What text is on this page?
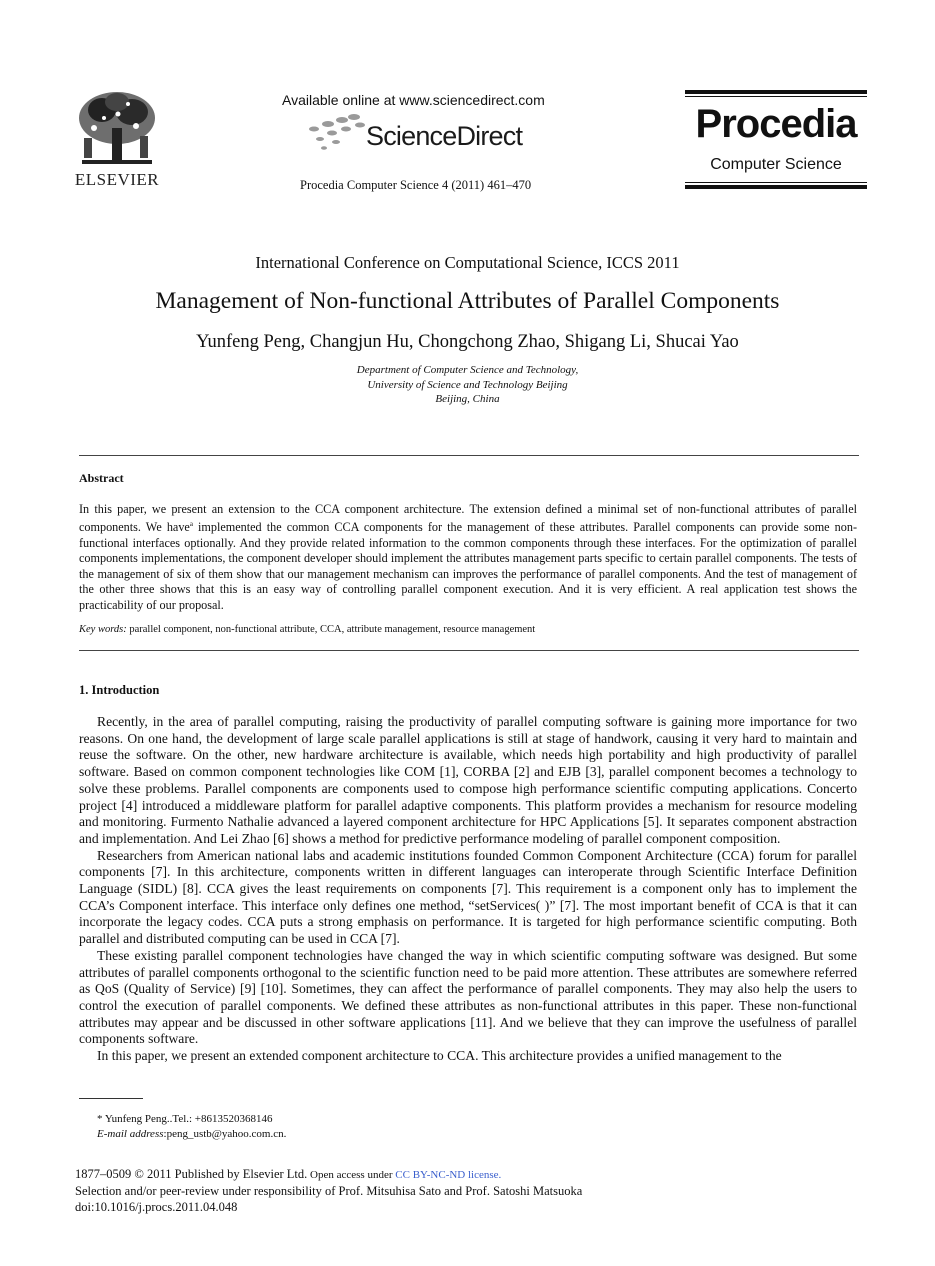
ELSEVIER
Available online at www.sciencedirect.com
ScienceDirect
Procedia Computer Science 4 (2011) 461–470
Procedia
Computer Science
International Conference on Computational Science, ICCS 2011
Management of Non-functional Attributes of Parallel Components
Yunfeng Peng, Changjun Hu, Chongchong Zhao, Shigang Li, Shucai Yao
Department of Computer Science and Technology,
University of Science and Technology Beijing
Beijing, China
Abstract
In this paper, we present an extension to the CCA component architecture. The extension defined a minimal set of non-functional attributes of parallel components. We have$^a$ implemented the common CCA components for the management of these attributes. Parallel components can provide some non-functional interfaces optionally. And they provide related information to the common components through these interfaces. For the optimization of parallel components implementations, the component developer should implement the attributes management parts specific to certain parallel components. The tests of the management of six of them show that our management mechanism can improves the performance of parallel components. And the test of management of the other three shows that this is an easy way of controlling parallel component execution. And it is very efficient. A real application test shows the practicability of our proposal.
Key words: parallel component, non-functional attribute, CCA, attribute management, resource management
1. Introduction

Recently, in the area of parallel computing, raising the productivity of parallel computing software is gaining more importance for two reasons. On one hand, the development of large scale parallel applications is still at stage of handwork, causing it very hard to maintain and reuse the software. On the other, new hardware architecture is available, which needs high portability and high productivity of parallel software. Based on common component technologies like COM [1], CORBA [2] and EJB [3], parallel component becomes a technology to solve these problems. Parallel components are components used to compose high performance scientific computing applications. Concerto project [4] introduced a middleware platform for parallel adaptive components. This platform provides a mechanism for resource modeling and monitoring. Furmento Nathalie advanced a layered component architecture for HPC Applications [5]. It separates component abstraction and implementation. And Lei Zhao [6] shows a method for predictive performance modeling of parallel component composition.

Researchers from American national labs and academic institutions founded Common Component Architecture (CCA) forum for parallel components [7]. In this architecture, components written in different languages can interoperate through Scientific Interface Definition Language (SIDL) [8]. CCA gives the least requirements on components [7]. This requirement is a component only has to implement the CCA’s Component interface. This interface only defines one method, “setServices( )” [7]. The most important benefit of CCA is that it can incorporate the legacy codes. CCA puts a strong emphasis on performance. It is targeted for high performance scientific computing. Both parallel and distributed computing can be used in CCA [7].

These existing parallel component technologies have changed the way in which scientific computing software was designed. But some attributes of parallel components orthogonal to the scientific function need to be paid more attention. These attributes are somewhere referred as QoS (Quality of Service) [9] [10]. Sometimes, they can affect the performance of parallel components. They may also help the users to control the execution of parallel components. We defined these attributes as non-functional attributes in this paper. These non-functional attributes may appear and be discussed in other software applications [11]. And we believe that they can improve the usefulness of parallel components software.

In this paper, we present an extended component architecture to CCA. This architecture provides a unified management to the

* Yunfeng Peng..Tel.: +8613520368146
E-mail address:peng_ustb@yahoo.com.cn.
1877–0509 © 2011 Published by Elsevier Ltd. Open access under CC BY-NC-ND license.
Selection and/or peer-review under responsibility of Prof. Mitsuhisa Sato and Prof. Satoshi Matsuoka
doi:10.1016/j.procs.2011.04.048
